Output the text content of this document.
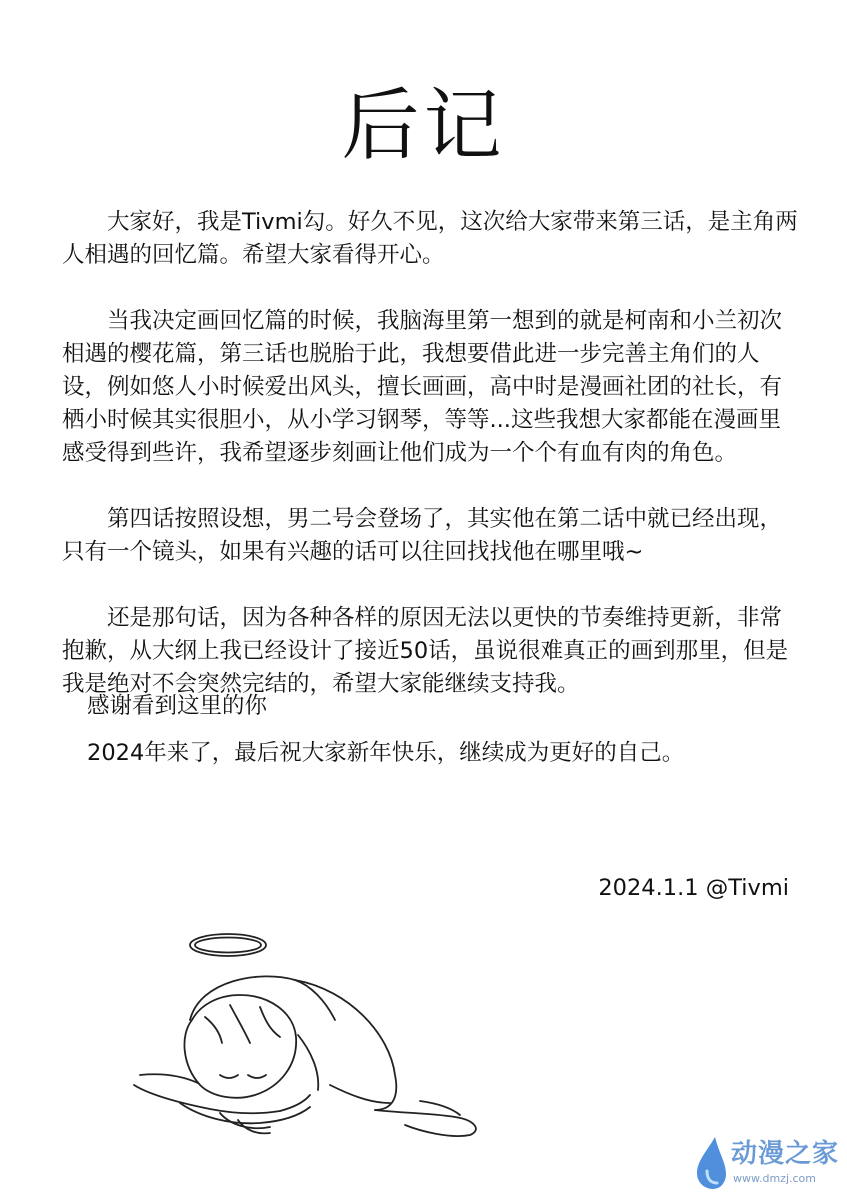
后记

大家好，我是Tivmi勾。好久不见，这次给大家带来第三话，是主角两人相遇的回忆篇。希望大家看得开心。

当我决定画回忆篇的时候，我脑海里第一想到的就是柯南和小兰初次相遇的樱花篇，第三话也脱胎于此，我想要借此进一步完善主角们的人设，例如悠人小时候爱出风头，擅长画画，高中时是漫画社团的社长，有栖小时候其实很胆小，从小学习钢琴，等等...这些我想大家都能在漫画里感受得到些许，我希望逐步刻画让他们成为一个个有血有肉的角色。

第四话按照设想，男二号会登场了，其实他在第二话中就已经出现，只有一个镜头，如果有兴趣的话可以往回找找他在哪里哦~

还是那句话，因为各种各样的原因无法以更快的节奏维持更新，非常抱歉，从大纲上我已经设计了接近50话，虽说很难真正的画到那里，但是我是绝对不会突然完结的，希望大家能继续支持我。

感谢看到这里的你

2024年来了，最后祝大家新年快乐，继续成为更好的自己。

2024.1.1 @Tivmi
动漫之家
www.dmzj.com
